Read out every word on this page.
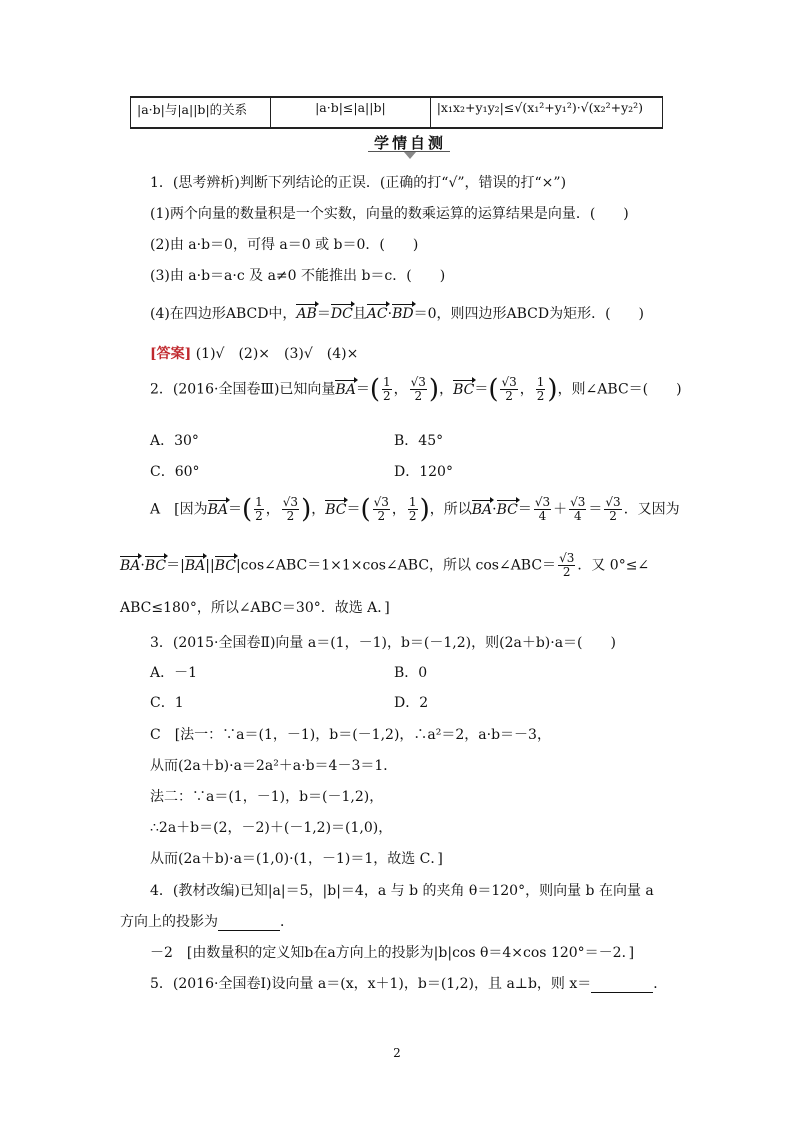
|a·b|与|a||b|的关系	|a·b|≤|a||b|	|x₁x₂+y₁y₂|≤√(x₁²+y₁²)·√(x₂²+y₂²)
学情自测
1．(思考辨析)判断下列结论的正误．(正确的打“√”，错误的打“×”)
(1)两个向量的数量积是一个实数，向量的数乘运算的运算结果是向量．(　　)
(2)由 a·b＝0，可得 a＝0 或 b＝0．(　　)
(3)由 a·b＝a·c 及 a≠0 不能推出 b＝c．(　　)
(4)在四边形ABCD中，AB＝DC且AC·BD＝0，则四边形ABCD为矩形．(　　)
[答案] (1)√　(2)×　(3)√　(4)×
2．(2016·全国卷Ⅲ)已知向量$BA=( \frac{1}{2}$ ， $\frac{√3}{2}$ )，$BC=( \frac{√3}{2}$ ， $\frac{1}{2}$ )，则∠ABC＝(　　)
A．30°	B．45°
C．60°	D．120°
A　[因为$BA=( \frac{1}{2}$ ， $\frac{√3}{2}$ )，$BC=( \frac{√3}{2}$ ， $\frac{1}{2}$ )，所以$BA\cdot BC= \frac{√3}{4} + \frac{√3}{4} = \frac{√3}{2}$ ．又因为
BA·BC＝|BA||BC|cos∠ABC＝1×1×cos∠ABC，所以 cos∠ABC＝ $\frac{√3}{2}$ ．又 0°≤∠
ABC≤180°，所以∠ABC＝30°．故选 A．]
3．(2015·全国卷Ⅱ)向量 a＝(1，－1)，b＝(－1,2)，则(2a＋b)·a＝(　　)
A．－1	B．0
C．1	D．2
C　[法一：∵a＝(1，－1)，b＝(－1,2)，∴a²＝2，a·b＝－3，
从而(2a＋b)·a＝2a²＋a·b＝4－3＝1．
法二：∵a＝(1，－1)，b＝(－1,2)，
∴2a＋b＝(2，－2)＋(－1,2)＝(1,0)，
从而(2a＋b)·a＝(1,0)·(1，－1)＝1，故选 C．]
4．(教材改编)已知|a|＝5，|b|＝4，a 与 b 的夹角 θ＝120°，则向量 b 在向量 a
方向上的投影为	．
－2　[由数量积的定义知b在a方向上的投影为|b|cos θ＝4×cos 120°＝－2．]
5．(2016·全国卷Ⅰ)设向量 a＝(x，x＋1)，b＝(1,2)，且 a⊥b，则 x＝	．
2
